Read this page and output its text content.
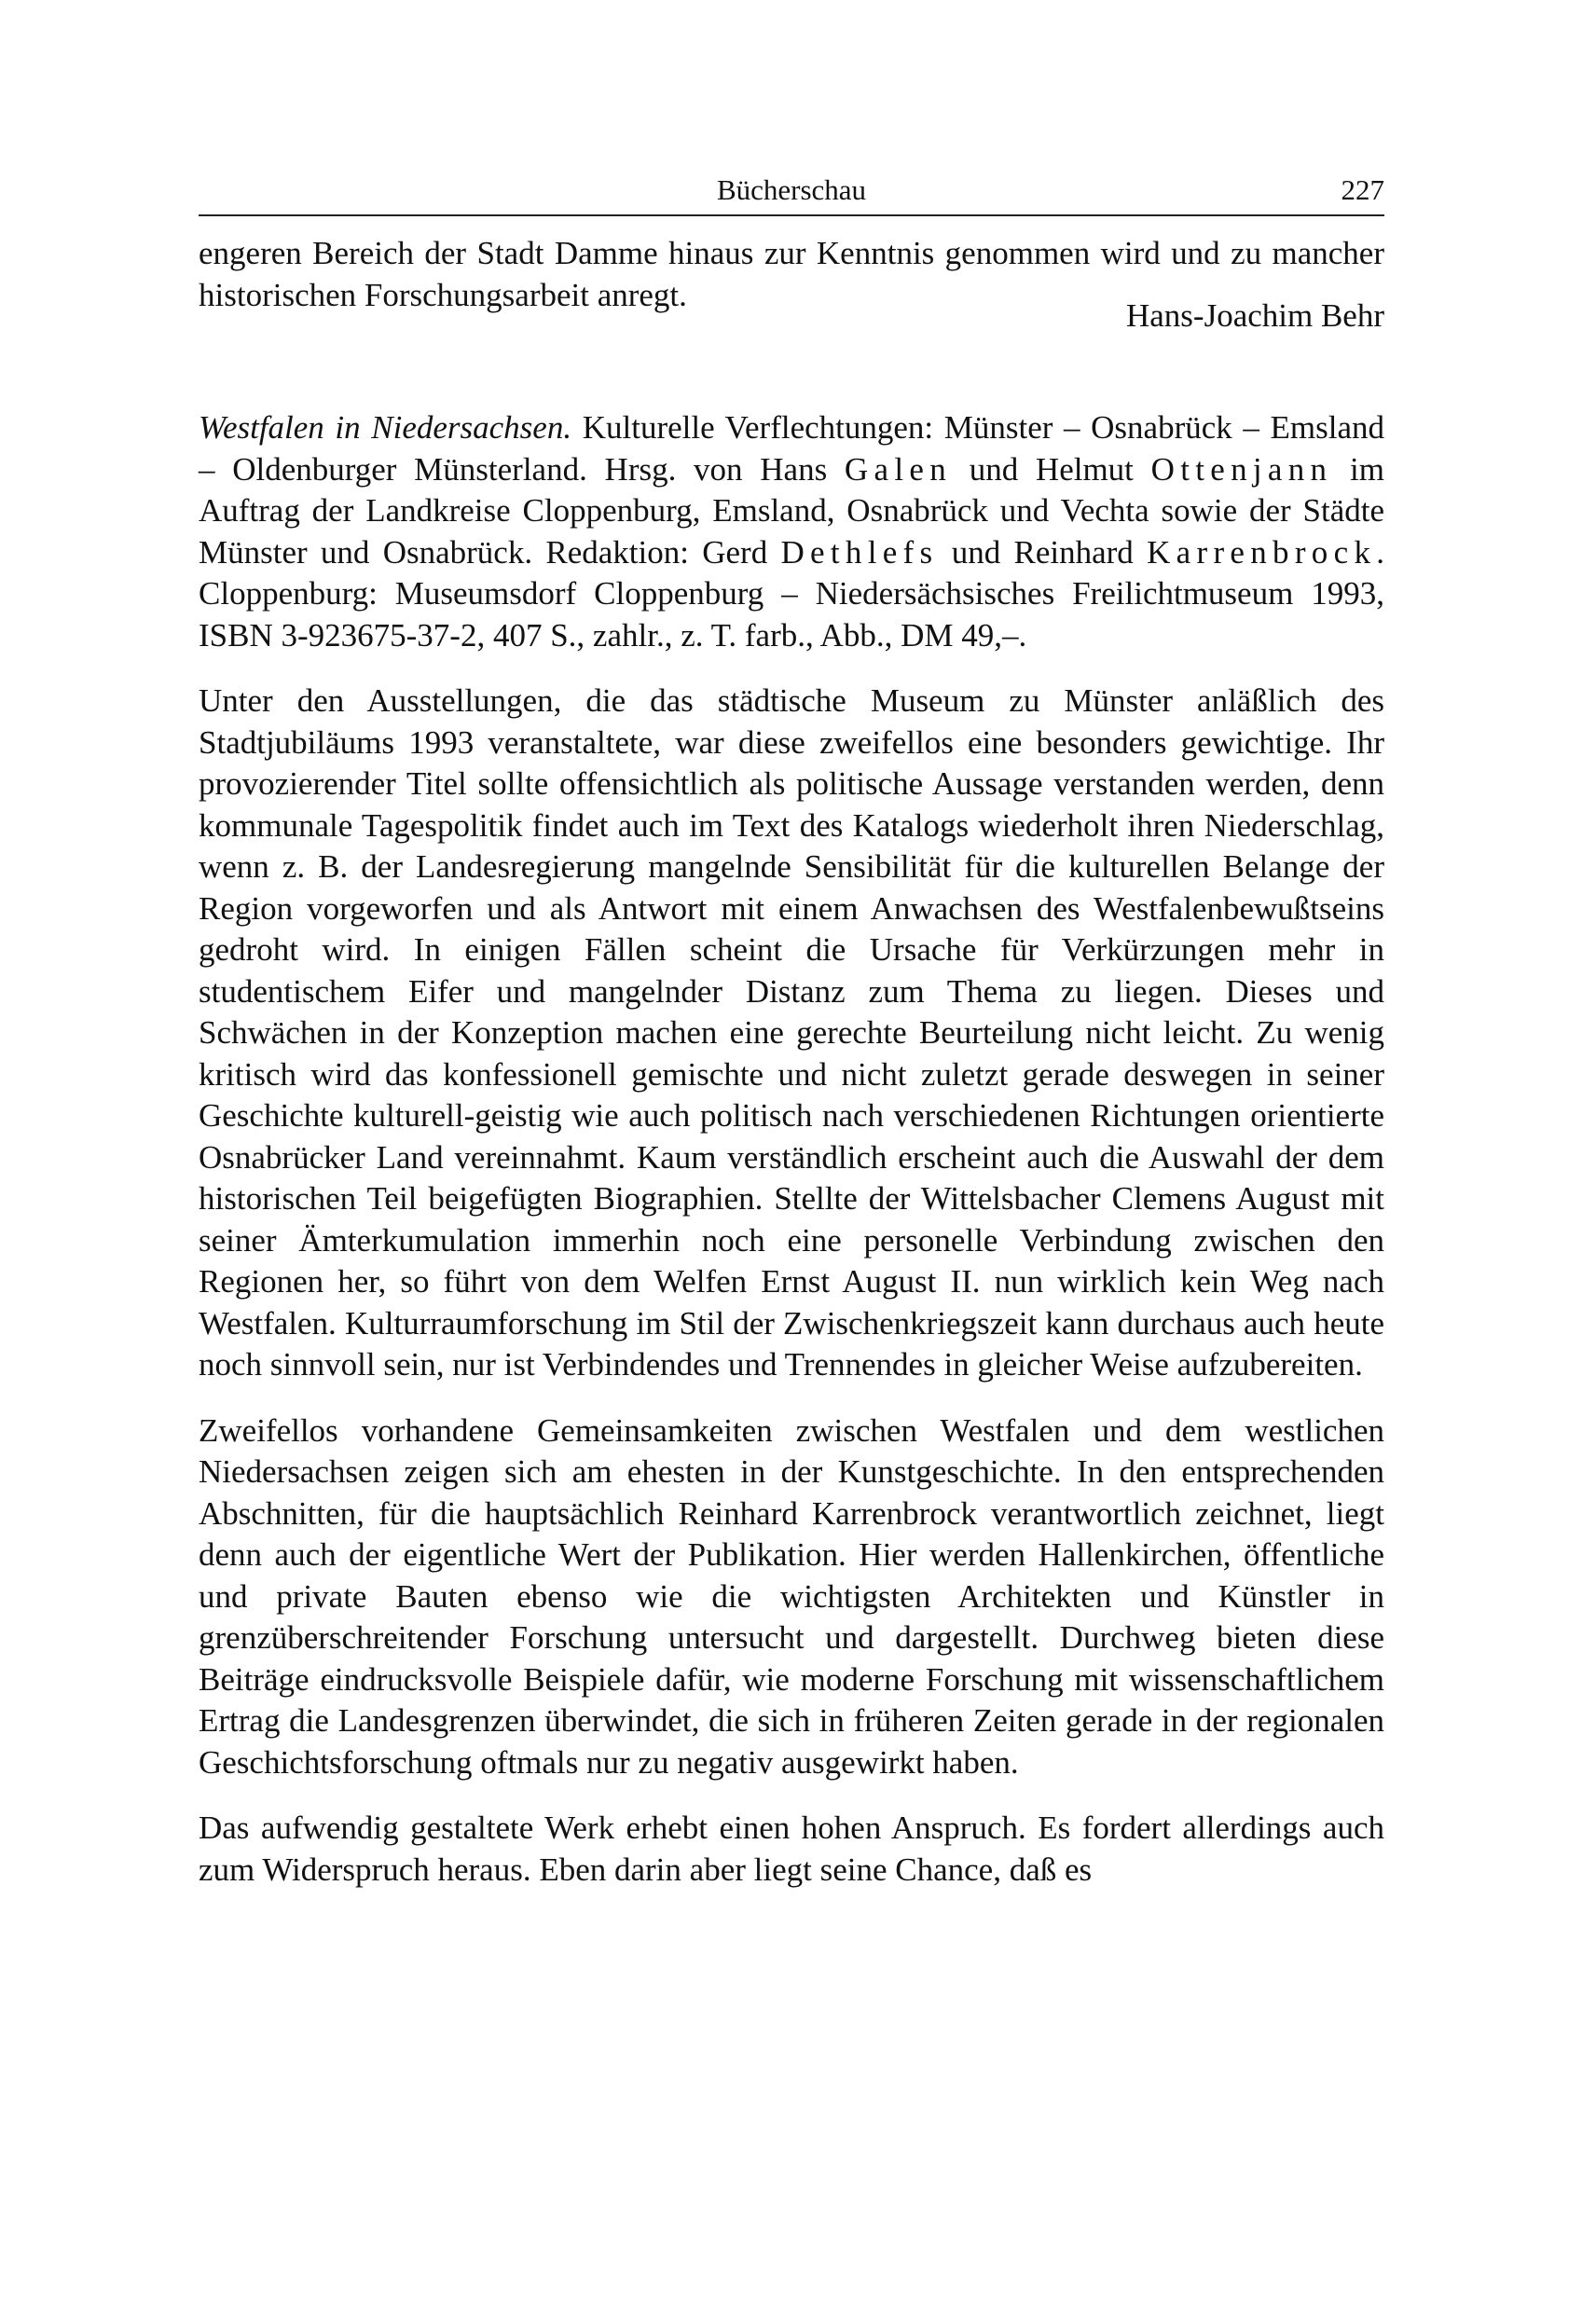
Bücherschau	227
engeren Bereich der Stadt Damme hinaus zur Kenntnis genommen wird und zu mancher historischen Forschungsarbeit anregt.
Hans-Joachim Behr
Westfalen in Niedersachsen. Kulturelle Verflechtungen: Münster – Osnabrück – Emsland – Oldenburger Münsterland. Hrsg. von Hans Galen und Helmut Ottenjann im Auftrag der Landkreise Cloppenburg, Emsland, Osnabrück und Vechta sowie der Städte Münster und Osnabrück. Redaktion: Gerd Dethlefs und Reinhard Karrenbrock. Cloppenburg: Museumsdorf Cloppenburg – Niedersächsisches Freilichtmuseum 1993, ISBN 3-923675-37-2, 407 S., zahlr., z. T. farb., Abb., DM 49,–.
Unter den Ausstellungen, die das städtische Museum zu Münster anläßlich des Stadtjubiläums 1993 veranstaltete, war diese zweifellos eine besonders gewichtige. Ihr provozierender Titel sollte offensichtlich als politische Aussage verstanden werden, denn kommunale Tagespolitik findet auch im Text des Katalogs wiederholt ihren Niederschlag, wenn z. B. der Landesregierung mangelnde Sensibilität für die kulturellen Belange der Region vorgeworfen und als Antwort mit einem Anwachsen des Westfalenbewußtseins gedroht wird. In einigen Fällen scheint die Ursache für Verkürzungen mehr in studentischem Eifer und mangelnder Distanz zum Thema zu liegen. Dieses und Schwächen in der Konzeption machen eine gerechte Beurteilung nicht leicht. Zu wenig kritisch wird das konfessionell gemischte und nicht zuletzt gerade deswegen in seiner Geschichte kulturell-geistig wie auch politisch nach verschiedenen Richtungen orientierte Osnabrücker Land vereinnahmt. Kaum verständlich erscheint auch die Auswahl der dem historischen Teil beigefügten Biographien. Stellte der Wittelsbacher Clemens August mit seiner Ämterkumulation immerhin noch eine personelle Verbindung zwischen den Regionen her, so führt von dem Welfen Ernst August II. nun wirklich kein Weg nach Westfalen. Kulturraumforschung im Stil der Zwischenkriegszeit kann durchaus auch heute noch sinnvoll sein, nur ist Verbindendes und Trennendes in gleicher Weise aufzubereiten.
Zweifellos vorhandene Gemeinsamkeiten zwischen Westfalen und dem westlichen Niedersachsen zeigen sich am ehesten in der Kunstgeschichte. In den entsprechenden Abschnitten, für die hauptsächlich Reinhard Karrenbrock verantwortlich zeichnet, liegt denn auch der eigentliche Wert der Publikation. Hier werden Hallenkirchen, öffentliche und private Bauten ebenso wie die wichtigsten Architekten und Künstler in grenzüberschreitender Forschung untersucht und dargestellt. Durchweg bieten diese Beiträge eindrucksvolle Beispiele dafür, wie moderne Forschung mit wissenschaftlichem Ertrag die Landesgrenzen überwindet, die sich in früheren Zeiten gerade in der regionalen Geschichtsforschung oftmals nur zu negativ ausgewirkt haben.
Das aufwendig gestaltete Werk erhebt einen hohen Anspruch. Es fordert allerdings auch zum Widerspruch heraus. Eben darin aber liegt seine Chance, daß es
